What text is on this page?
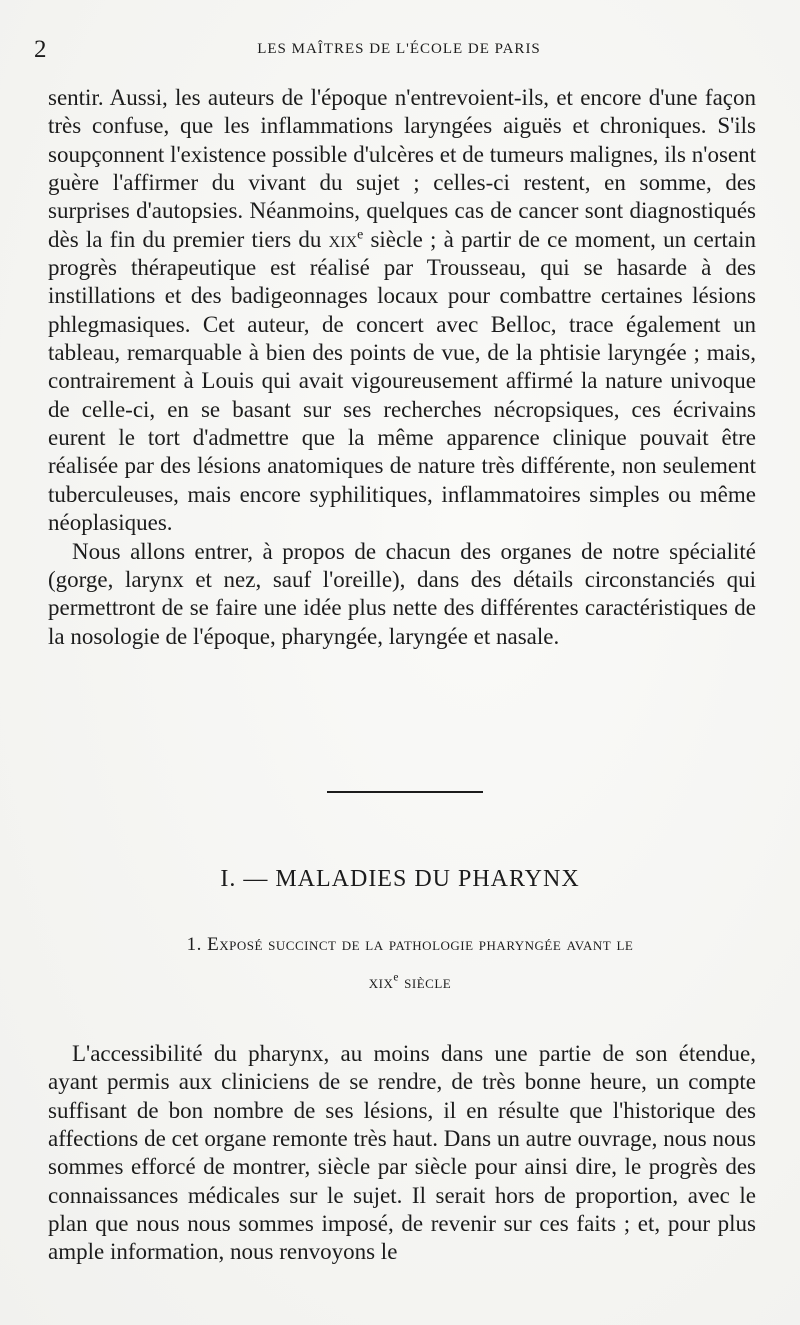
2	LES MAÎTRES DE L'ÉCOLE DE PARIS

sentir. Aussi, les auteurs de l'époque n'entrevoient-ils, et encore d'une façon très confuse, que les inflammations laryngées aiguës et chroniques. S'ils soupçonnent l'existence possible d'ulcères et de tumeurs malignes, ils n'osent guère l'affirmer du vivant du sujet ; celles-ci restent, en somme, des surprises d'autopsies. Néanmoins, quelques cas de cancer sont diagnostiqués dès la fin du premier tiers du xix$^e$ siècle ; à partir de ce moment, un certain progrès thérapeutique est réalisé par Trousseau, qui se hasarde à des instillations et des badigeonnages locaux pour combattre certaines lésions phlegmasiques. Cet auteur, de concert avec Belloc, trace également un tableau, remarquable à bien des points de vue, de la phtisie laryngée ; mais, contrairement à Louis qui avait vigoureusement affirmé la nature univoque de celle-ci, en se basant sur ses recherches nécropsiques, ces écrivains eurent le tort d'admettre que la même apparence clinique pouvait être réalisée par des lésions anatomiques de nature très différente, non seulement tuberculeuses, mais encore syphilitiques, inflammatoires simples ou même néoplasiques.

Nous allons entrer, à propos de chacun des organes de notre spécialité (gorge, larynx et nez, sauf l'oreille), dans des détails circonstanciés qui permettront de se faire une idée plus nette des différentes caractéristiques de la nosologie de l'époque, pharyngée, laryngée et nasale.

I. — MALADIES DU PHARYNX
1. Exposé succinct de la pathologie pharyngée avant le
xix$^e$ siècle

L'accessibilité du pharynx, au moins dans une partie de son étendue, ayant permis aux cliniciens de se rendre, de très bonne heure, un compte suffisant de bon nombre de ses lésions, il en résulte que l'historique des affections de cet organe remonte très haut. Dans un autre ouvrage, nous nous sommes efforcé de montrer, siècle par siècle pour ainsi dire, le progrès des connaissances médicales sur le sujet. Il serait hors de proportion, avec le plan que nous nous sommes imposé, de revenir sur ces faits ; et, pour plus ample information, nous renvoyons le
